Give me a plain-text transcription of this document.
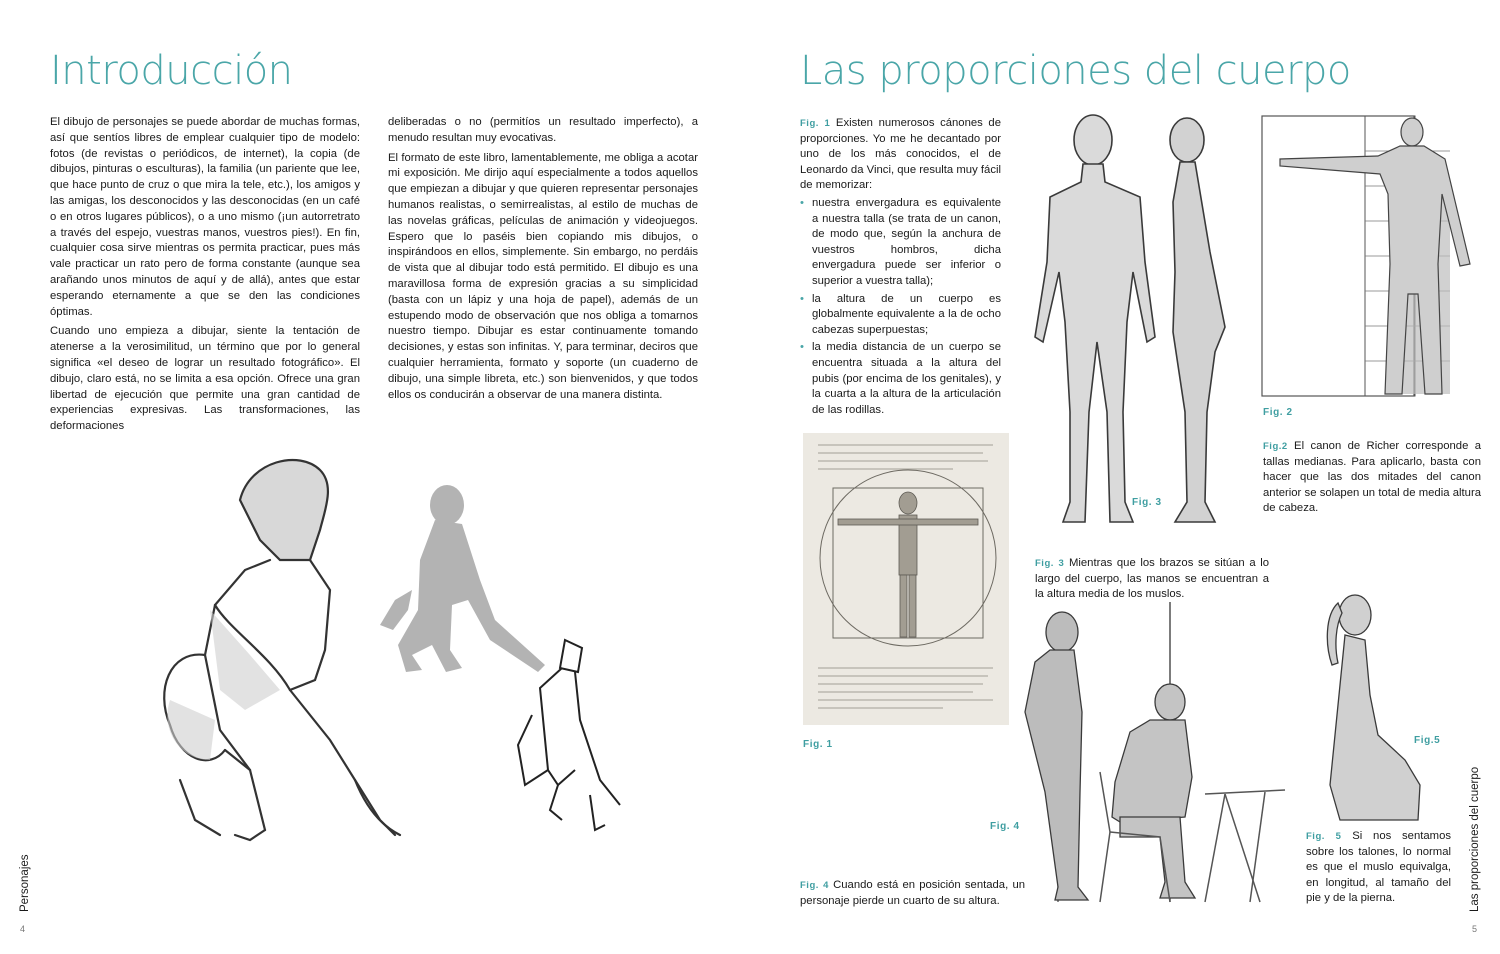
Introducción

El dibujo de personajes se puede abordar de muchas formas, así que sentíos libres de emplear cualquier tipo de modelo: fotos (de revistas o periódicos, de internet), la copia (de dibujos, pinturas o esculturas), la familia (un pariente que lee, que hace punto de cruz o que mira la tele, etc.), los amigos y las amigas, los desconocidos y las desconocidas (en un café o en otros lugares públicos), o a uno mismo (¡un autorretrato a través del espejo, vuestras manos, vuestros pies!). En fin, cualquier cosa sirve mientras os permita practicar, pues más vale practicar un rato pero de forma constante (aunque sea arañando unos minutos de aquí y de allá), antes que estar esperando eternamente a que se den las condiciones óptimas.

Cuando uno empieza a dibujar, siente la tentación de atenerse a la verosimilitud, un término que por lo general significa «el deseo de lograr un resultado fotográfico». El dibujo, claro está, no se limita a esa opción. Ofrece una gran libertad de ejecución que permite una gran cantidad de experiencias expresivas. Las transformaciones, las deformaciones

deliberadas o no (permitíos un resultado imperfecto), a menudo resultan muy evocativas.

El formato de este libro, lamentablemente, me obliga a acotar mi exposición. Me dirijo aquí especialmente a todos aquellos que empiezan a dibujar y que quieren representar personajes humanos realistas, o semirrealistas, al estilo de muchas de las novelas gráficas, películas de animación y videojuegos. Espero que lo paséis bien copiando mis dibujos, o inspirándoos en ellos, simplemente. Sin embargo, no perdáis de vista que al dibujar todo está permitido. El dibujo es una maravillosa forma de expresión gracias a su simplicidad (basta con un lápiz y una hoja de papel), además de un estupendo modo de observación que nos obliga a tomarnos nuestro tiempo. Dibujar es estar continuamente tomando decisiones, y estas son infinitas. Y, para terminar, deciros que cualquier herramienta, formato y soporte (un cuaderno de dibujo, una simple libreta, etc.) son bienvenidos, y que todos ellos os conducirán a observar de una manera distinta.

Personajes
4
Las proporciones del cuerpo

Fig. 1 Existen numerosos cánones de proporciones. Yo me he decantado por uno de los más conocidos, el de Leonardo da Vinci, que resulta muy fácil de memorizar:

• nuestra envergadura es equivalente a nuestra talla (se trata de un canon, de modo que, según la anchura de vuestros hombros, dicha envergadura puede ser inferior o superior a vuestra talla);
• la altura de un cuerpo es globalmente equivalente a la de ocho cabezas superpuestas;
• la media distancia de un cuerpo se encuentra situada a la altura del pubis (por encima de los genitales), y la cuarta a la altura de la articulación de las rodillas.
Fig. 1
Fig. 3
Fig. 2

Fig.2 El canon de Richer corresponde a tallas medianas. Para aplicarlo, basta con hacer que las dos mitades del canon anterior se solapen un total de media altura de cabeza.

Fig. 3 Mientras que los brazos se sitúan a lo largo del cuerpo, las manos se encuentran a la altura media de los muslos.

Fig. 4

Fig. 4 Cuando está en posición sentada, un personaje pierde un cuarto de su altura.

Fig.5

Fig. 5 Si nos sentamos sobre los talones, lo normal es que el muslo equivalga, en longitud, al tamaño del pie y de la pierna.	Las proporciones del cuerpo
5
